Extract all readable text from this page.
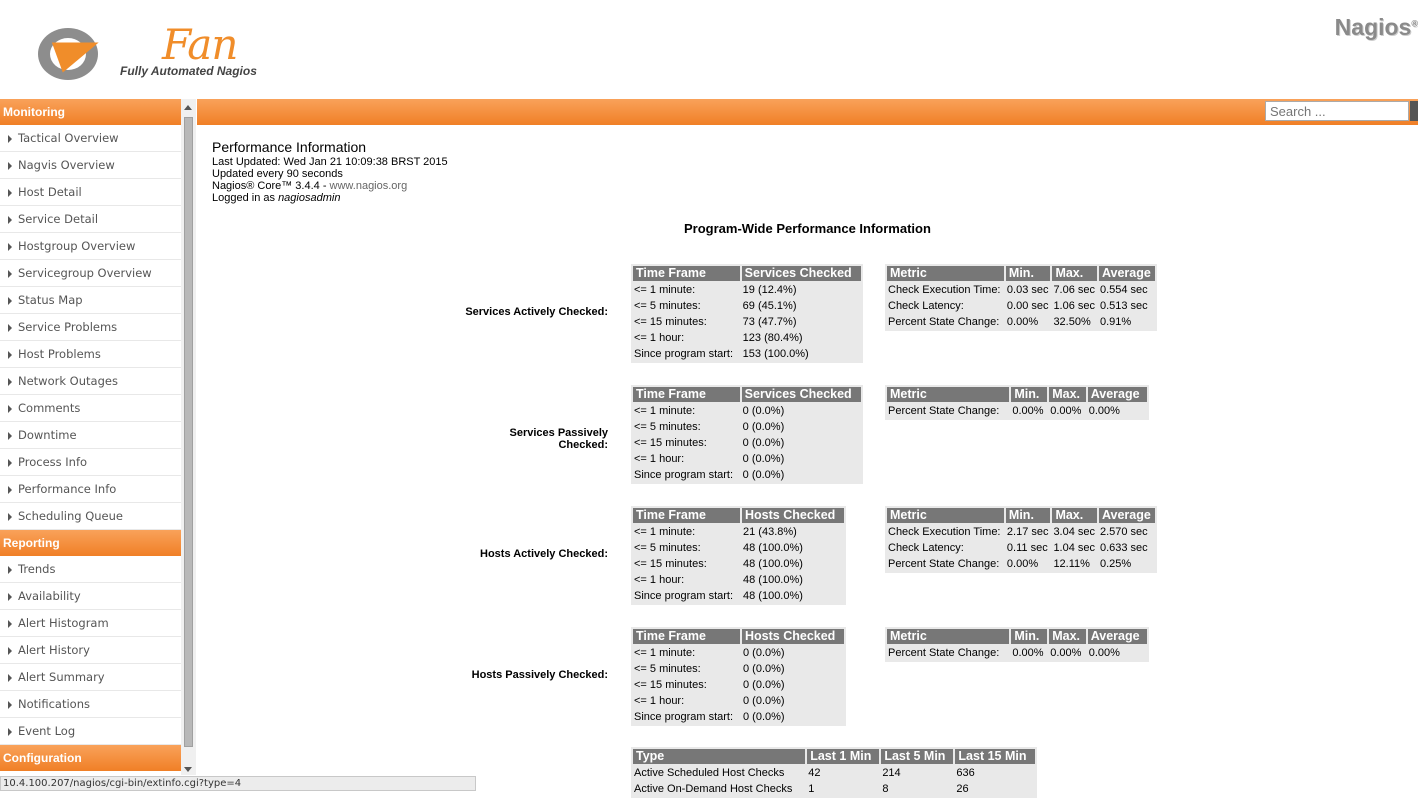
Fan
Fully Automated Nagios
Nagios®
Search ...
Monitoring
Tactical Overview
Nagvis Overview
Host Detail
Service Detail
Hostgroup Overview
Servicegroup Overview
Status Map
Service Problems
Host Problems
Network Outages
Comments
Downtime
Process Info
Performance Info
Scheduling Queue
Reporting
Trends
Availability
Alert Histogram
Alert History
Alert Summary
Notifications
Event Log
Configuration
10.4.100.207/nagios/cgi-bin/extinfo.cgi?type=4
Performance Information
Last Updated: Wed Jan 21 10:09:38 BRST 2015
Updated every 90 seconds
Nagios® Core™ 3.4.4 - www.nagios.org
Logged in as nagiosadmin
Program-Wide Performance Information
Services Actively Checked:
Time Frame	Services Checked
<= 1 minute:	19 (12.4%)
<= 5 minutes:	69 (45.1%)
<= 15 minutes:	73 (47.7%)
<= 1 hour:	123 (80.4%)
Since program start:	153 (100.0%)
Metric	Min.	Max.	Average
Check Execution Time:	0.03 sec	7.06 sec	0.554 sec
Check Latency:	0.00 sec	1.06 sec	0.513 sec
Percent State Change:	0.00%	32.50%	0.91%
Services Passively Checked:
Time Frame	Services Checked
<= 1 minute:	0 (0.0%)
<= 5 minutes:	0 (0.0%)
<= 15 minutes:	0 (0.0%)
<= 1 hour:	0 (0.0%)
Since program start:	0 (0.0%)
Metric	Min.	Max.	Average
Percent State Change:	0.00%	0.00%	0.00%
Hosts Actively Checked:
Time Frame	Hosts Checked
<= 1 minute:	21 (43.8%)
<= 5 minutes:	48 (100.0%)
<= 15 minutes:	48 (100.0%)
<= 1 hour:	48 (100.0%)
Since program start:	48 (100.0%)
Metric	Min.	Max.	Average
Check Execution Time:	2.17 sec	3.04 sec	2.570 sec
Check Latency:	0.11 sec	1.04 sec	0.633 sec
Percent State Change:	0.00%	12.11%	0.25%
Hosts Passively Checked:
Time Frame	Hosts Checked
<= 1 minute:	0 (0.0%)
<= 5 minutes:	0 (0.0%)
<= 15 minutes:	0 (0.0%)
<= 1 hour:	0 (0.0%)
Since program start:	0 (0.0%)
Metric	Min.	Max.	Average
Percent State Change:	0.00%	0.00%	0.00%
Type	Last 1 Min	Last 5 Min	Last 15 Min
Active Scheduled Host Checks	42	214	636
Active On-Demand Host Checks	1	8	26
